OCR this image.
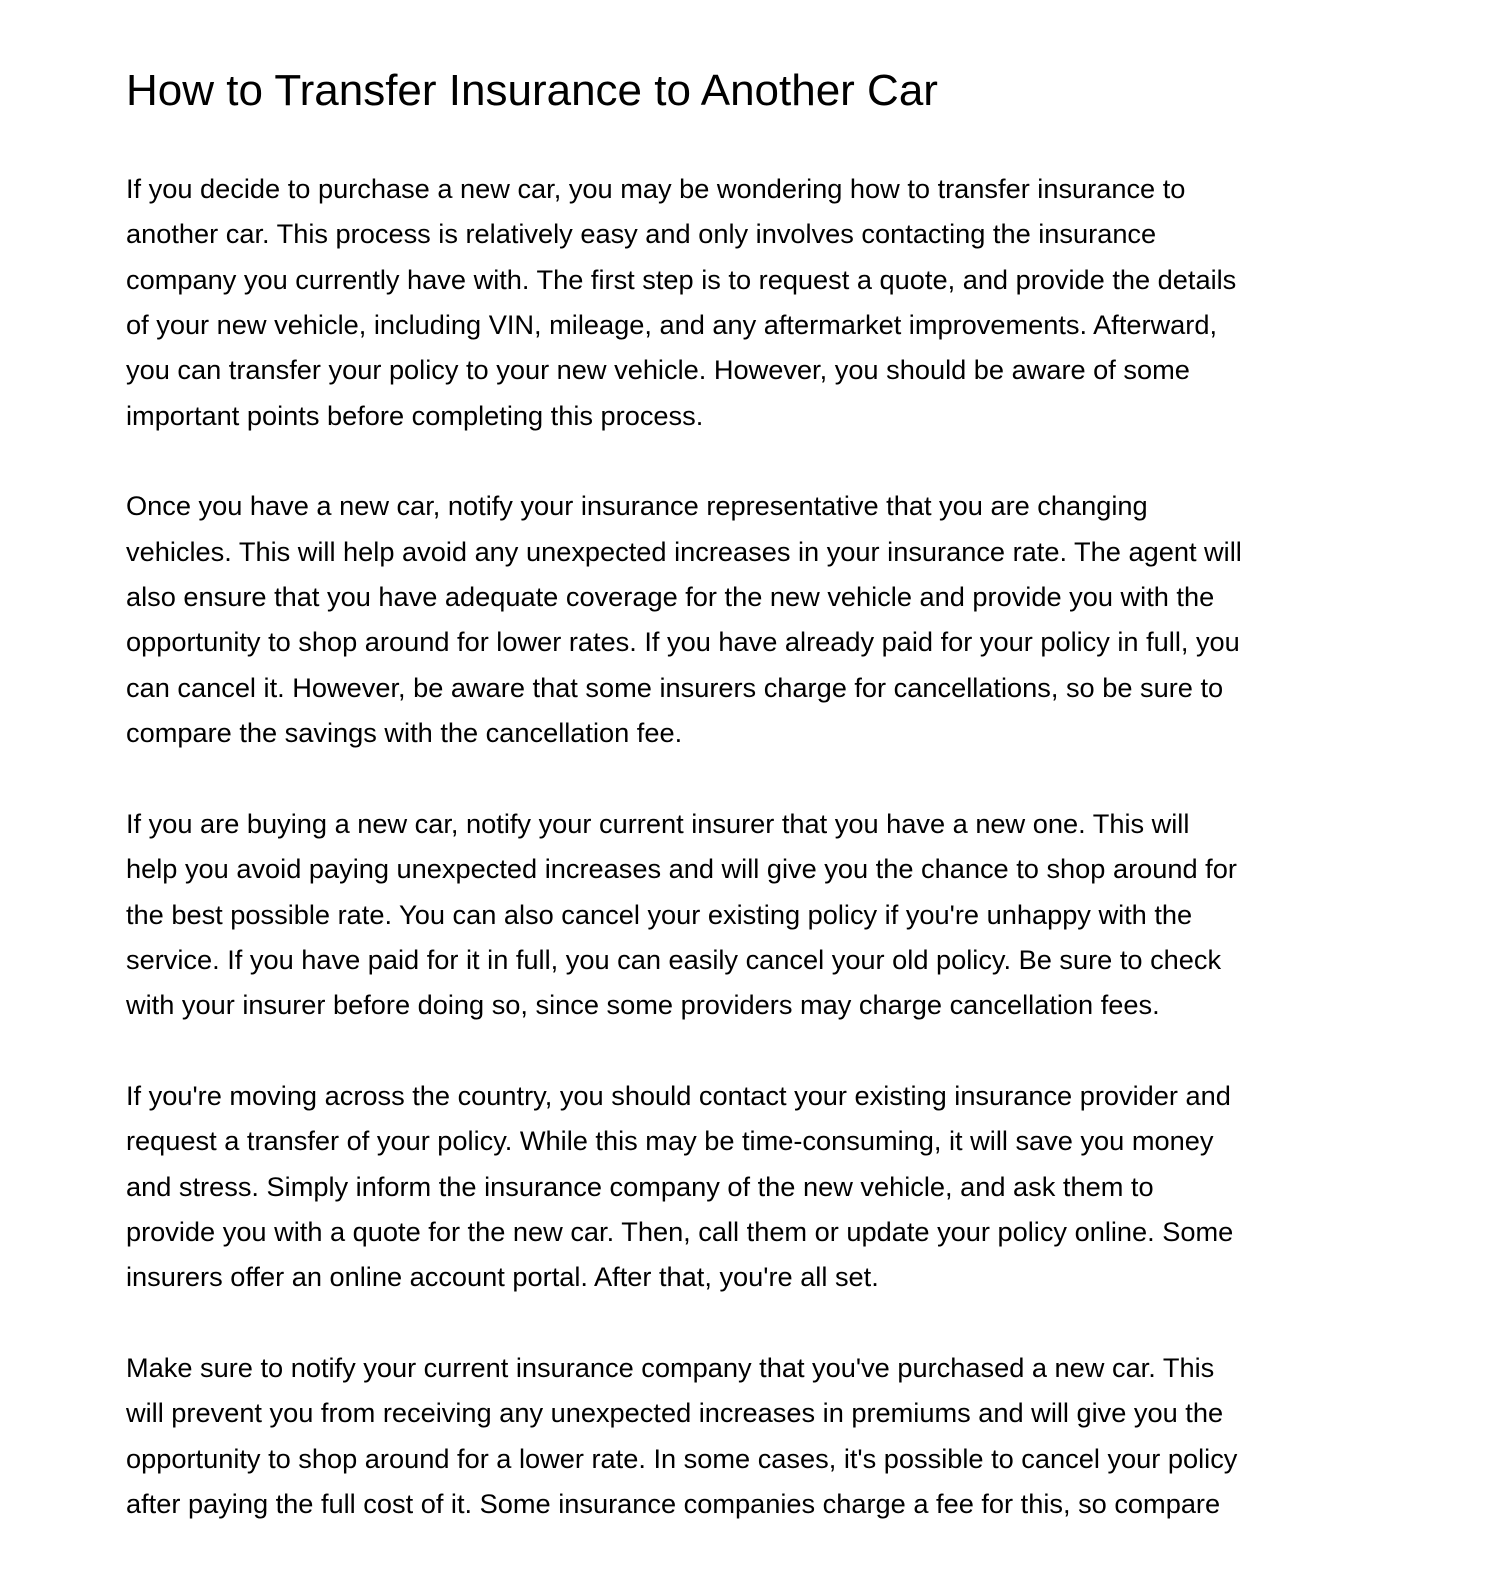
How to Transfer Insurance to Another Car

If you decide to purchase a new car, you may be wondering how to transfer insurance to
another car. This process is relatively easy and only involves contacting the insurance
company you currently have with. The first step is to request a quote, and provide the details
of your new vehicle, including VIN, mileage, and any aftermarket improvements. Afterward,
you can transfer your policy to your new vehicle. However, you should be aware of some
important points before completing this process.

Once you have a new car, notify your insurance representative that you are changing
vehicles. This will help avoid any unexpected increases in your insurance rate. The agent will
also ensure that you have adequate coverage for the new vehicle and provide you with the
opportunity to shop around for lower rates. If you have already paid for your policy in full, you
can cancel it. However, be aware that some insurers charge for cancellations, so be sure to
compare the savings with the cancellation fee.

If you are buying a new car, notify your current insurer that you have a new one. This will
help you avoid paying unexpected increases and will give you the chance to shop around for
the best possible rate. You can also cancel your existing policy if you're unhappy with the
service. If you have paid for it in full, you can easily cancel your old policy. Be sure to check
with your insurer before doing so, since some providers may charge cancellation fees.

If you're moving across the country, you should contact your existing insurance provider and
request a transfer of your policy. While this may be time-consuming, it will save you money
and stress. Simply inform the insurance company of the new vehicle, and ask them to
provide you with a quote for the new car. Then, call them or update your policy online. Some
insurers offer an online account portal. After that, you're all set.

Make sure to notify your current insurance company that you've purchased a new car. This
will prevent you from receiving any unexpected increases in premiums and will give you the
opportunity to shop around for a lower rate. In some cases, it's possible to cancel your policy
after paying the full cost of it. Some insurance companies charge a fee for this, so compare
